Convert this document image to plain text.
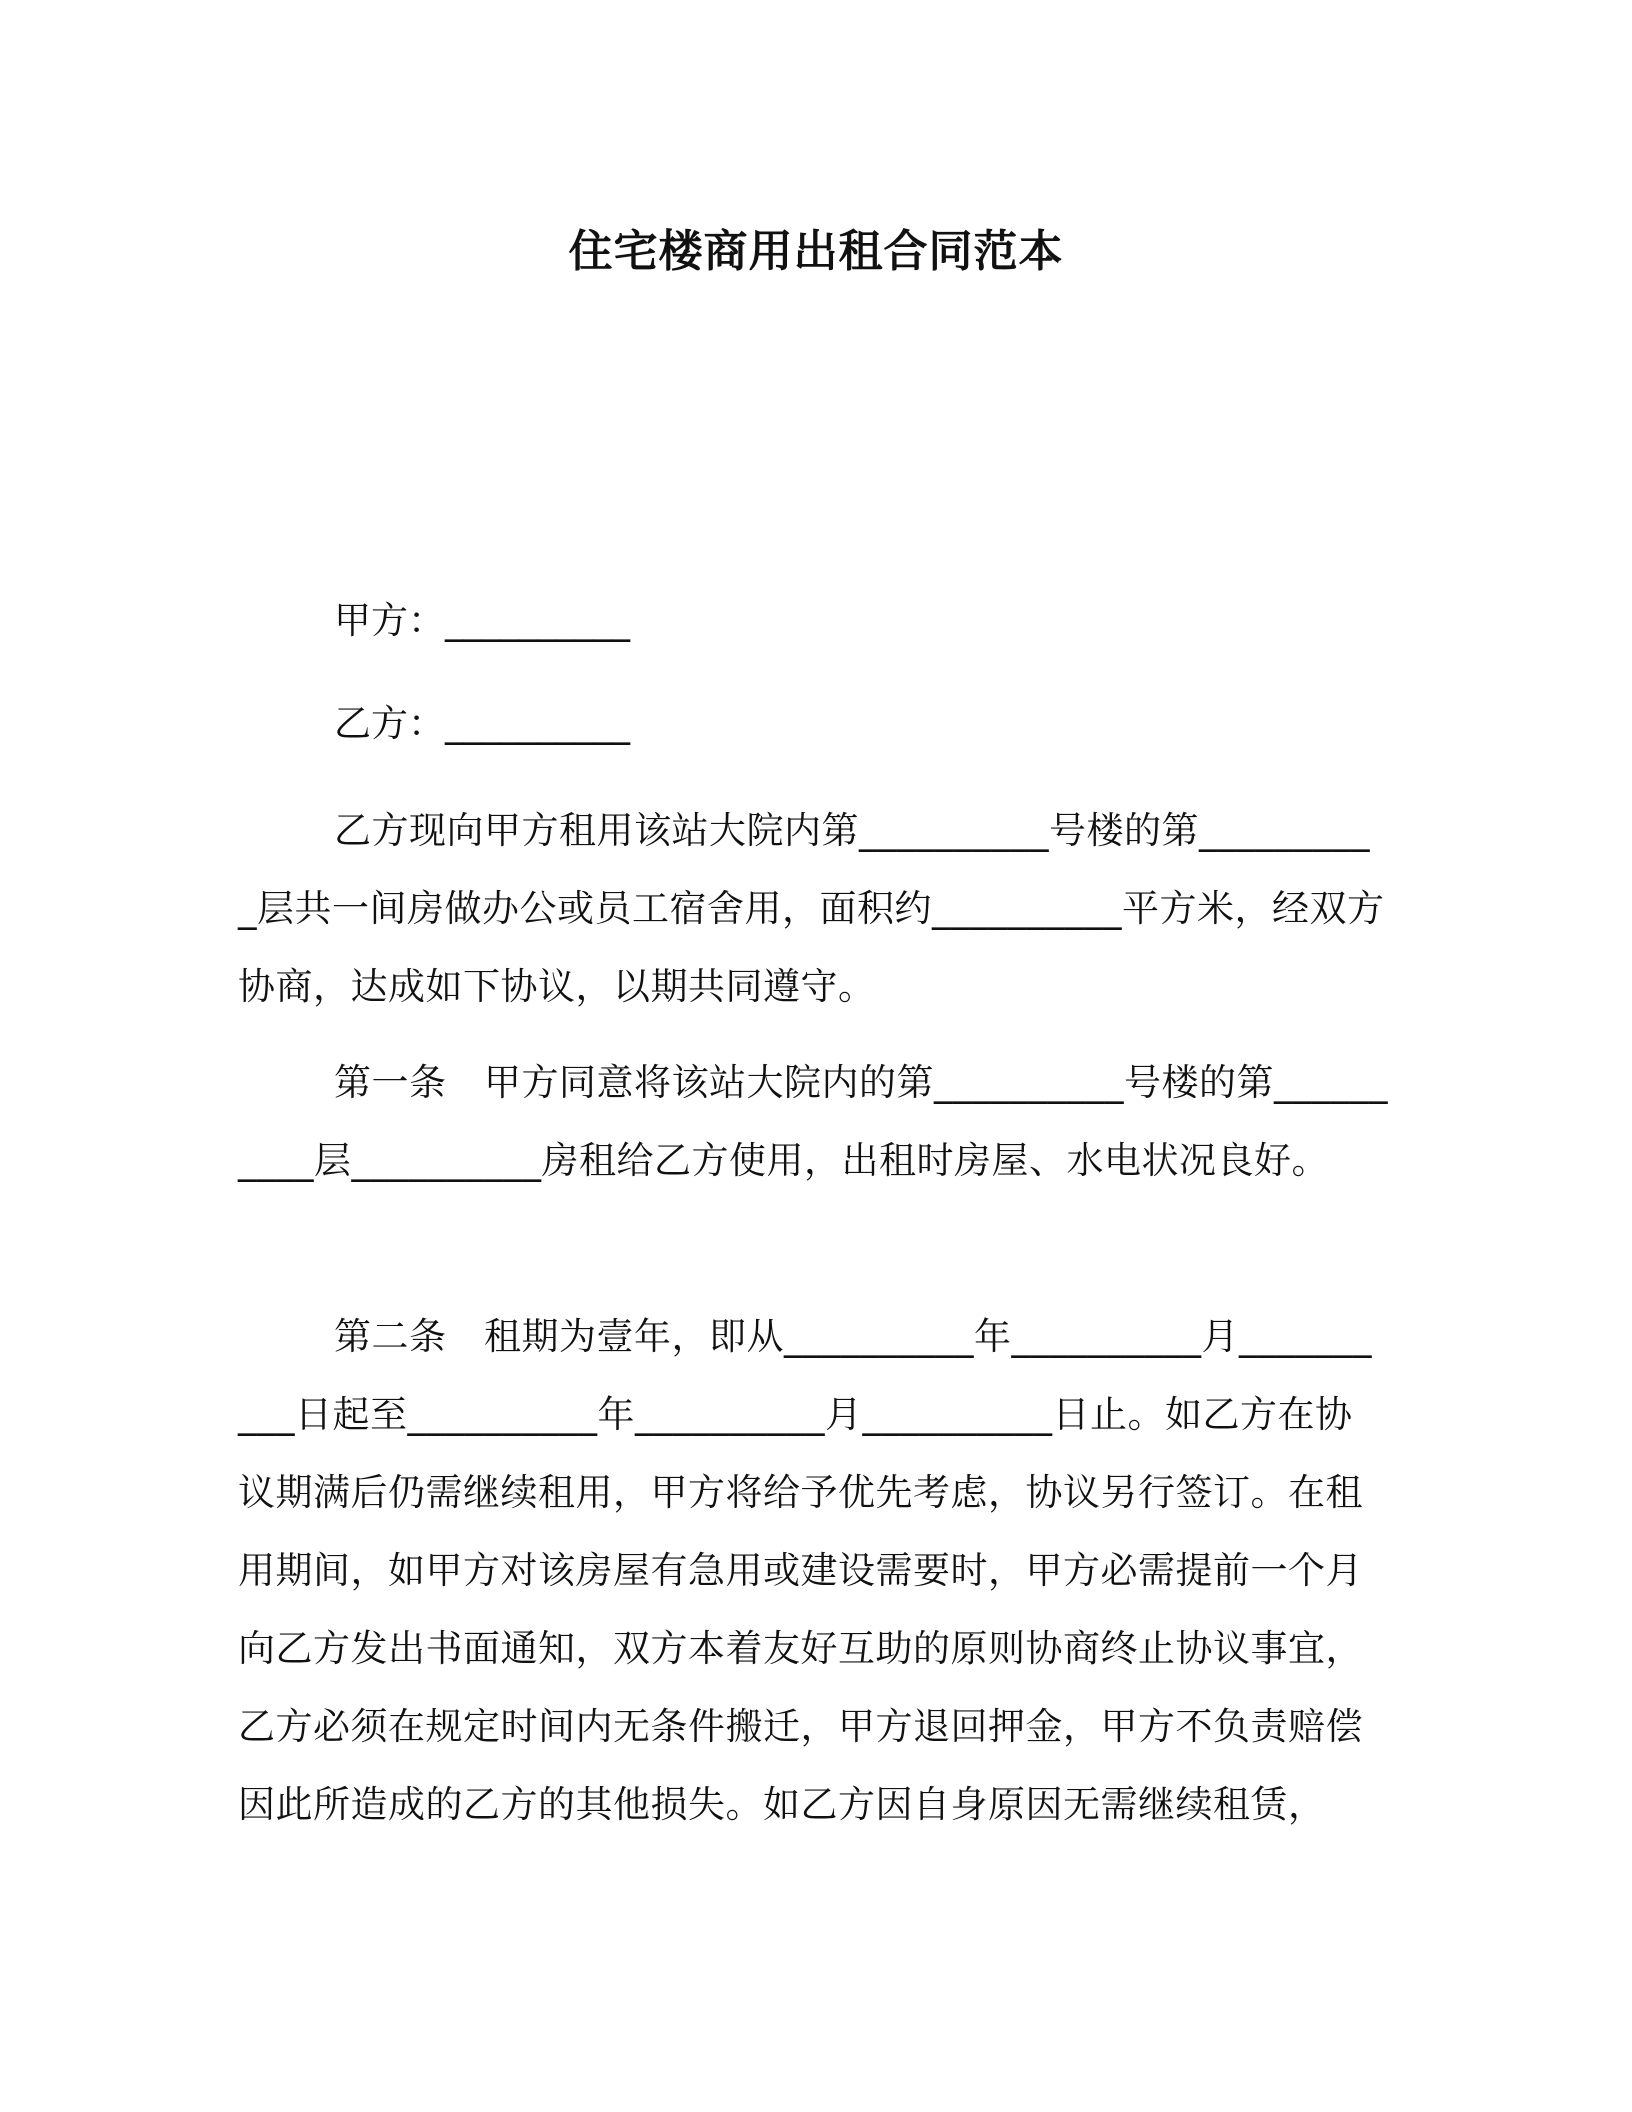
住宅楼商用出租合同范本
甲方：__________
乙方：__________

乙方现向甲方租用该站大院内第__________号楼的第__________层共一间房做办公或员工宿舍用，面积约__________平方米，经双方协商，达成如下协议，以期共同遵守。

第一条　甲方同意将该站大院内的第__________号楼的第__________层__________房租给乙方使用，出租时房屋、水电状况良好。

第二条　租期为壹年，即从__________年__________月__________日起至__________年__________月__________日止。如乙方在协议期满后仍需继续租用，甲方将给予优先考虑，协议另行签订。在租用期间，如甲方对该房屋有急用或建设需要时，甲方必需提前一个月向乙方发出书面通知，双方本着友好互助的原则协商终止协议事宜，乙方必须在规定时间内无条件搬迁，甲方退回押金，甲方不负责赔偿因此所造成的乙方的其他损失。如乙方因自身原因无需继续租赁，
